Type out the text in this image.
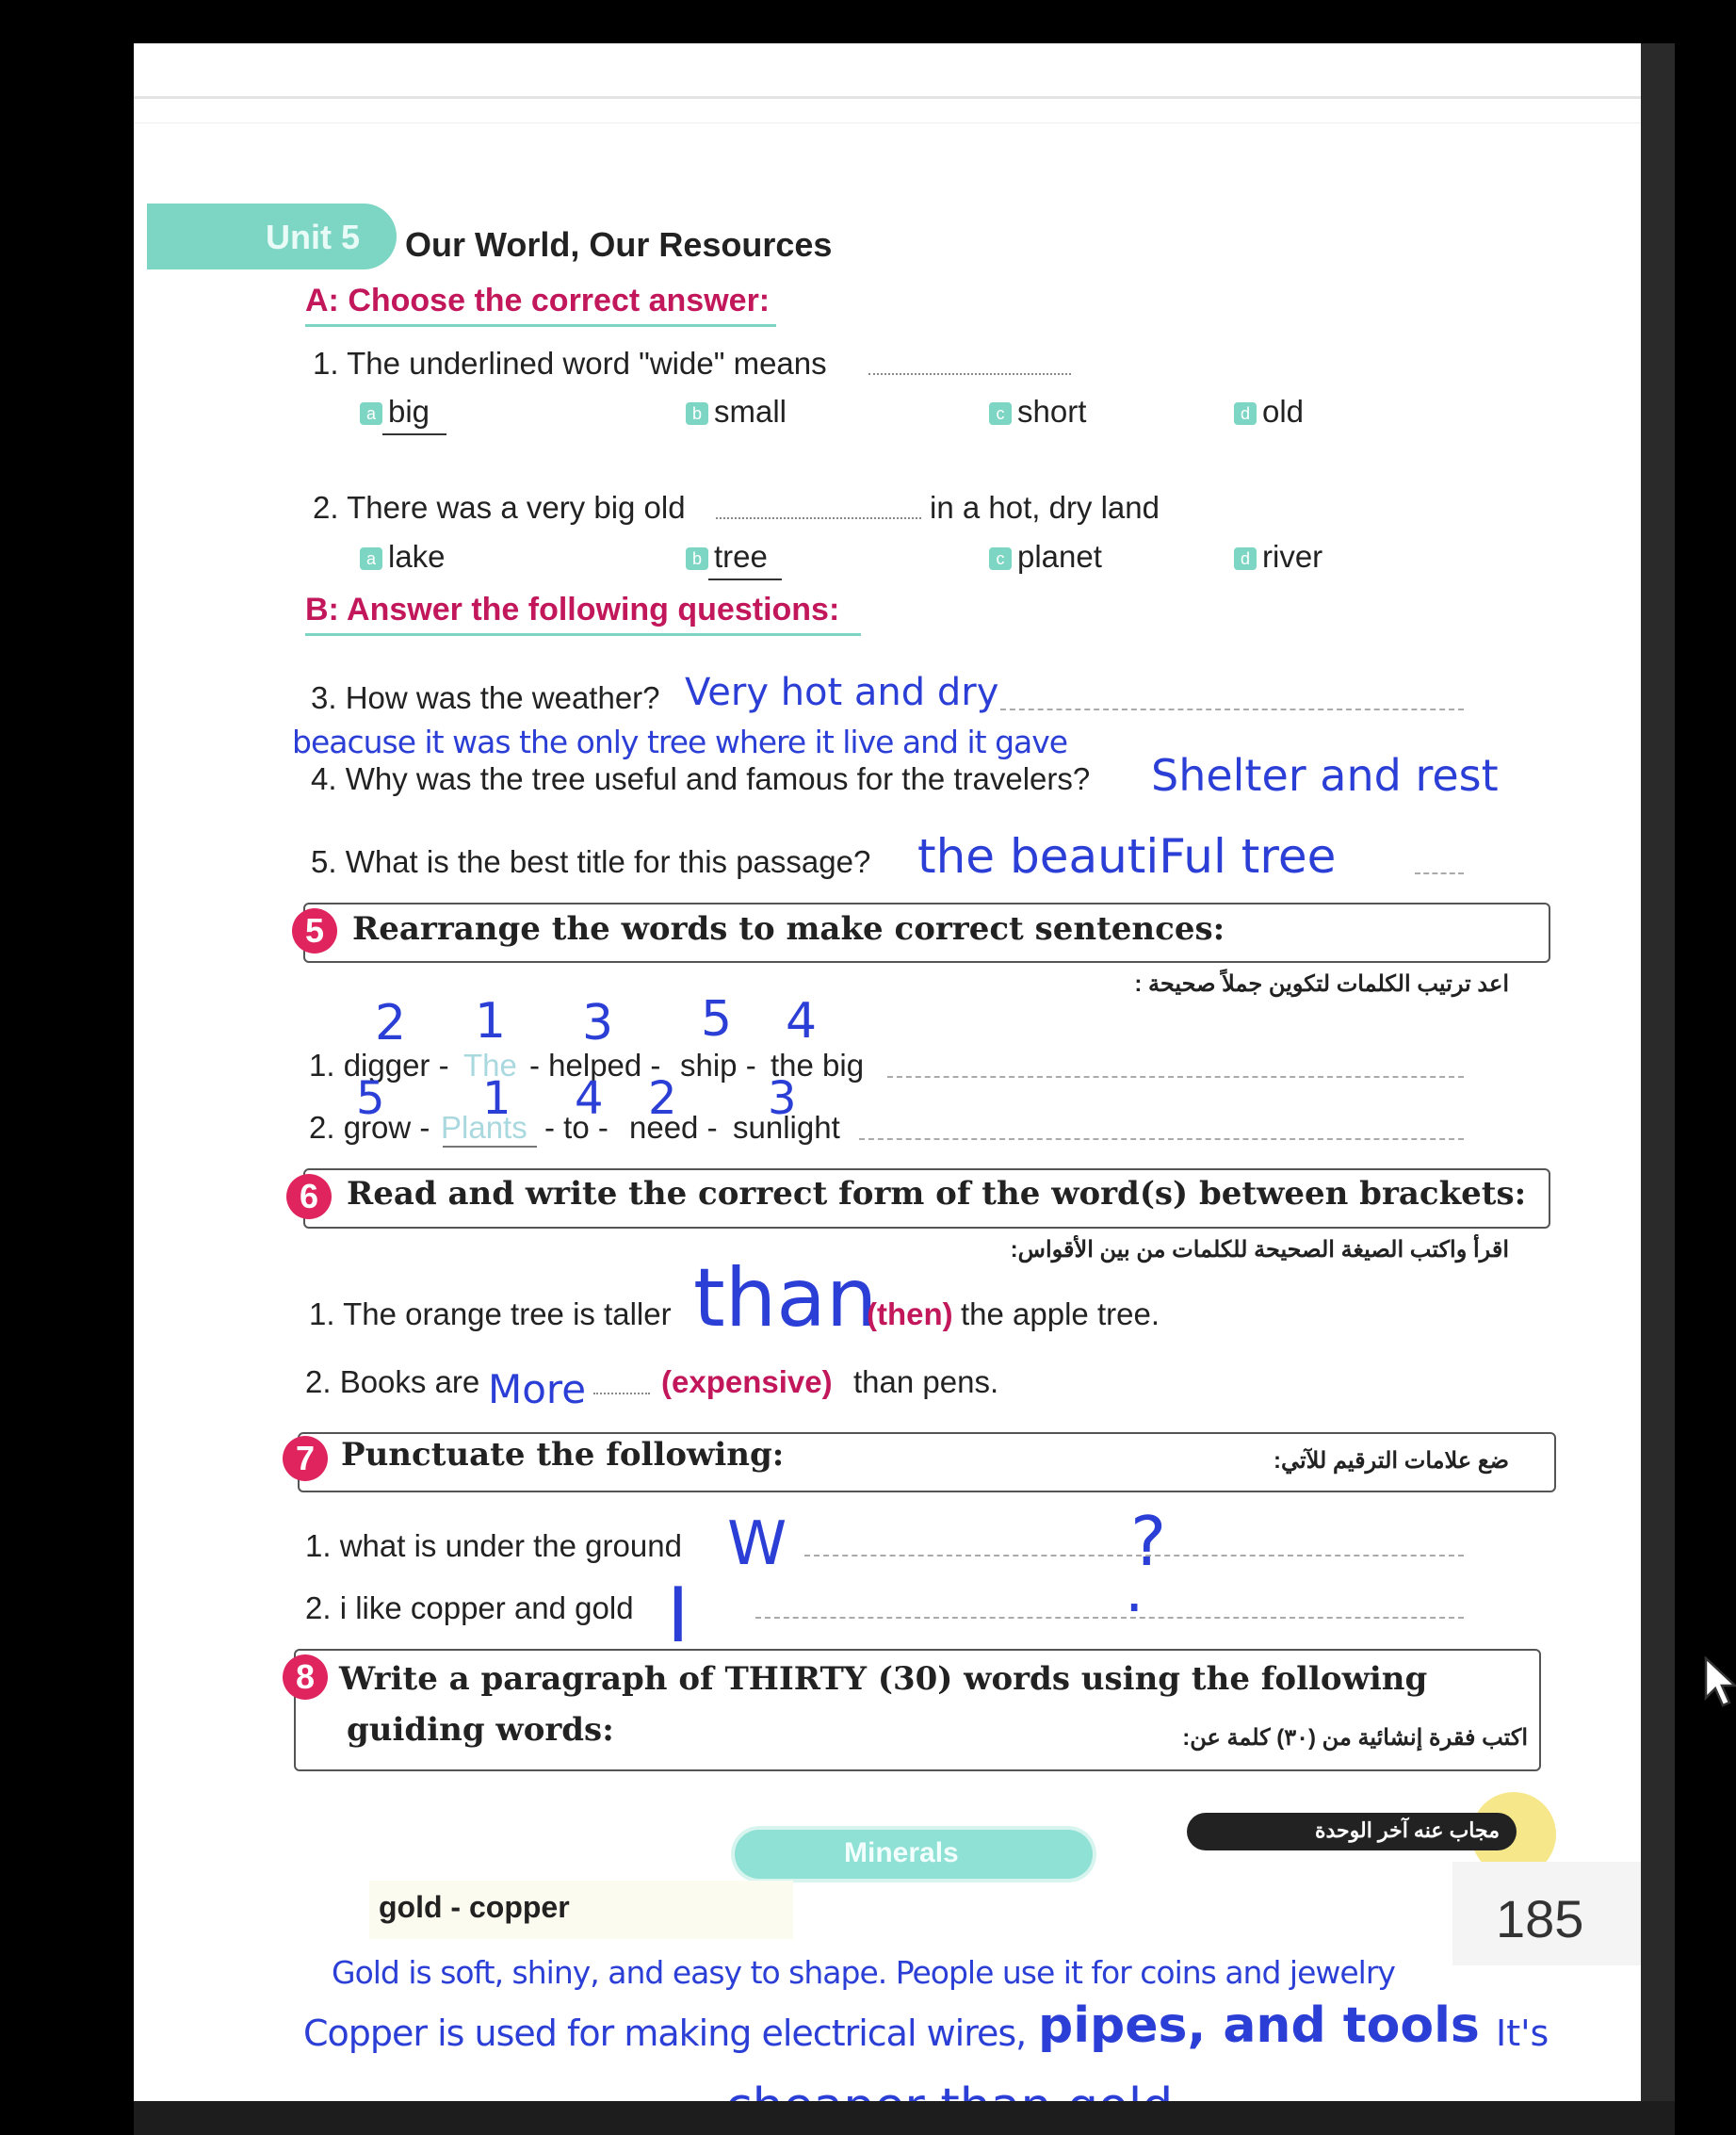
Unit 5 Our World, Our Resources
A: Choose the correct answer:
1. The underlined word "wide" means
a big	b small	c short	d old
2. There was a very big old	in a hot, dry land
a lake	b tree	c planet	d river
B: Answer the following questions:
3. How was the weather? Very hot and dry
beacuse it was the only tree where it live and it gave
4. Why was the tree useful and famous for the travelers? Shelter and rest
5. What is the best title for this passage? the beautiFul tree
5 Rearrange the words to make correct sentences:
اعد ترتيب الكلمات لتكوين جملاً صحيحة :
2 1 3 5 4
1. digger - The - helped - ship - the big
5 1 4 2 3
2. grow - Plants - to - need - sunlight
6 Read and write the correct form of the word(s) between brackets:
اقرأ واكتب الصيغة الصحيحة للكلمات من بين الأقواس:
1. The orange tree is taller than
(then) the apple tree.
2. Books are More (expensive) than pens.
7 Punctuate the following:	ضع علامات الترقيم للآتي:
1. what is under the ground W	?
2. i like copper and gold I	.
8 Write a paragraph of THIRTY (30) words using the following
guiding words:	اكتب فقرة إنشائية من (٣٠) كلمة عن:
Minerals
مجاب عنه آخر الوحدة
gold - copper	185
Gold is soft, shiny, and easy to shape. People use it for coins and jewelry
Copper is used for making electrical wires, pipes, and tools It's
